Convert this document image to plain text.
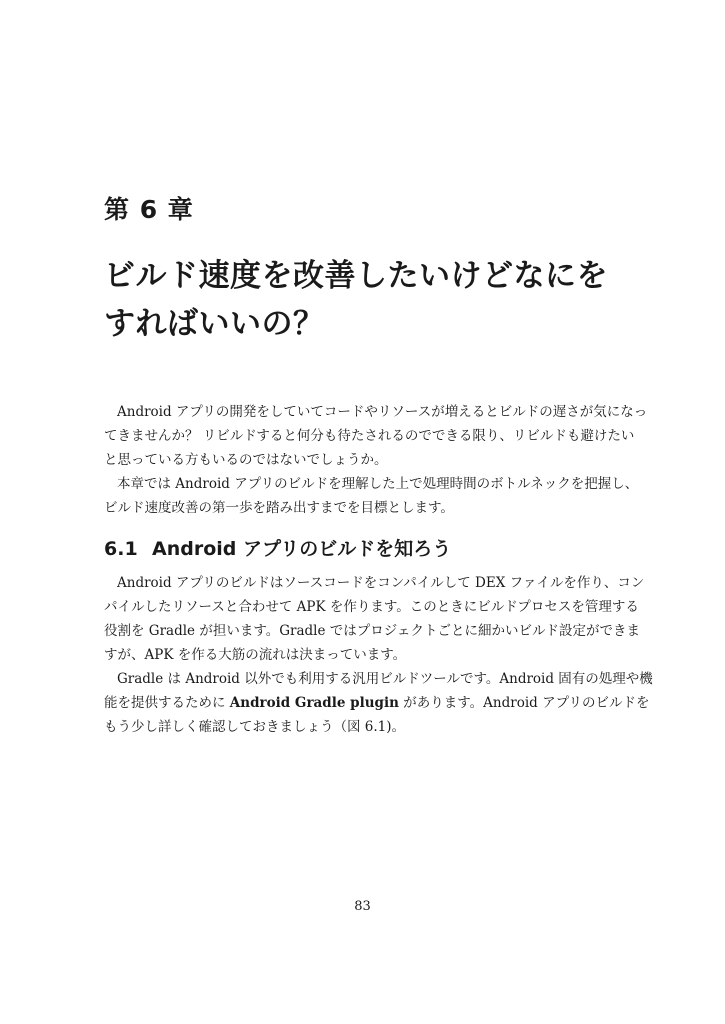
第 6 章
ビルド速度を改善したいけどなにを
すればいいの？
Android アプリの開発をしていてコードやリソースが増えるとビルドの遅さが気になっ
てきませんか？ リビルドすると何分も待たされるのでできる限り、リビルドも避けたい
と思っている方もいるのではないでしょうか。
本章では Android アプリのビルドを理解した上で処理時間のボトルネックを把握し、
ビルド速度改善の第一歩を踏み出すまでを目標とします。
6.1 Android アプリのビルドを知ろう
Android アプリのビルドはソースコードをコンパイルして DEX ファイルを作り、コン
パイルしたリソースと合わせて APK を作ります。このときにビルドプロセスを管理する
役割を Gradle が担います。Gradle ではプロジェクトごとに細かいビルド設定ができま
すが、APK を作る大筋の流れは決まっています。
Gradle は Android 以外でも利用する汎用ビルドツールです。Android 固有の処理や機
能を提供するために Android Gradle plugin があります。Android アプリのビルドを
もう少し詳しく確認しておきましょう（図 6.1)。
83
